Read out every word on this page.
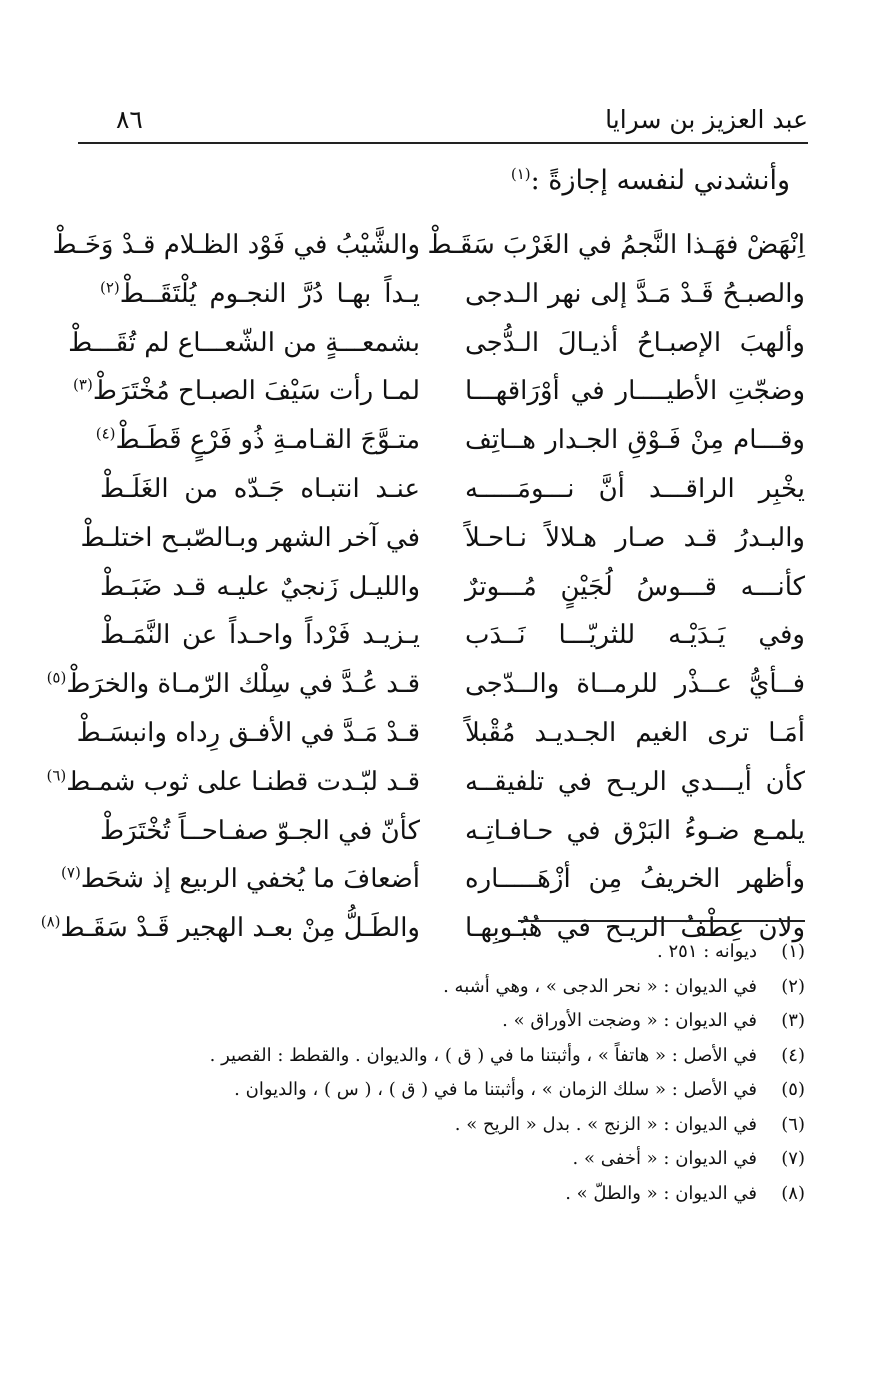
عبد العزيز بن سرايا
٨٦
وأنشدني لنفسه إجازةً :$^{(١)}$
اِنْهَضْ فهَـذا النَّجمُ في الغَرْبَ سَقَـطْ
والشَّيْبُ في فَوْد الظـلام قـدْ وَخَـطْ
والصبـحُ قَـدْ مَـدَّ إلى نهر الـدجى
يـداً بهـا دُرَّ النجـوم يُلْتَقَــطْ$^{(٢)}$
وألهبَ الإصبـاحُ أذيـالَ الـدُّجى
بشمعـــةٍ من الشّعـــاع لم تُقَـــطْ
وضجّتِ الأطيــــار في أوْرَاقهـــا
لمـا رأت سَيْفَ الصبـاح مُخْتَرَطْ$^{(٣)}$
وقـــام مِنْ فَـوْقِ الجـدار هــاتِف
متـوَّجَ القـامـةِ ذُو فَرْعٍ قَطَـطْ$^{(٤)}$
يخْبِر الراقـــد أنَّ نـــومَـــــه
عنـد انتبـاه جَـدّه من الغَلَـطْ
والبـدرُ قـد صـار هـلالاً نـاحـلاً
في آخر الشهر وبـالصّبـح اختلـطْ
كأنـــه قـــوسُ لُجَيْنٍ مُـــوترٌ
والليـل زَنجيٌ عليـه قـد ضَبَـطْ
وفي يَـدَيْـه للثريّـــا نَــدَب
يـزيـد فَرْداً واحـداً عن النَّمَـطْ
فــأيُّ عــذْر للرمــاة والــدّجى
قـد عُـدَّ في سِلْك الرّمـاة والخرَطْ$^{(٥)}$
أمَـا ترى الغيم الجـديـد مُقْبلاً
قـدْ مَـدَّ في الأفـق رِداه وانبسَـطْ
كأن أيـــدي الريـح في تلفيقــه
قـد لبّـدت قطنـا على ثوب شمـط$^{(٦)}$
يلمـع ضـوءُ البَرْق في حـافـاتِـه
كأنّ في الجـوّ صفـاحــاً تُخْتَرَطْ
وأظهر الخريفُ مِن أزْهَـــــاره
أضعافَ ما يُخفي الربيع إذ شحَط$^{(٧)}$
ولان عِطْفُ الريـح في هُبُـوبِهـا
والطَـلُّ مِنْ بعـد الهجير قَـدْ سَقَـط$^{(٨)}$
(١)ديوانه : ٢٥١ .
(٢)في الديوان : « نحر الدجى » ، وهي أشبه .
(٣)في الديوان : « وضجت الأوراق » .
(٤)في الأصل : « هاتفاً » ، وأثبتنا ما في ( ق ) ، والديوان . والقطط : القصير .
(٥)في الأصل : « سلك الزمان » ، وأثبتنا ما في ( ق ) ، ( س ) ، والديوان .
(٦)في الديوان : « الزنج » . بدل « الريح » .
(٧)في الديوان : « أخفى » .
(٨)في الديوان : « والطلّ » .
